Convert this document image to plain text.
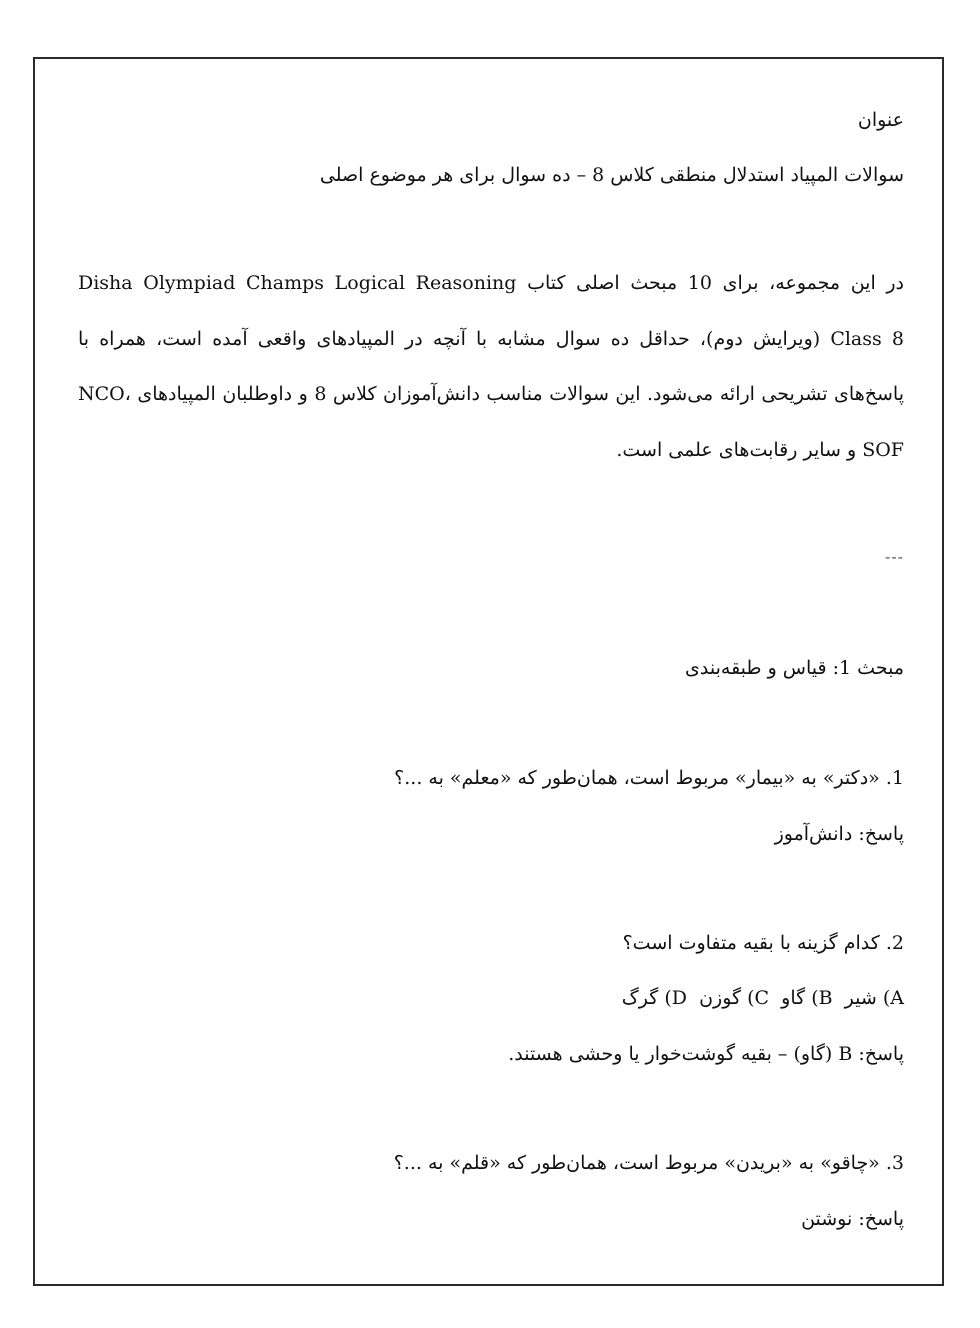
عنوان
سوالات المپیاد استدلال منطقی کلاس 8 – ده سوال برای هر موضوع اصلی
در این مجموعه، برای 10 مبحث اصلی کتاب Disha Olympiad Champs Logical Reasoning Class 8 (ویرایش دوم)، حداقل ده سوال مشابه با آنچه در المپیادهای واقعی آمده است، همراه با پاسخ‌های تشریحی ارائه می‌شود. این سوالات مناسب دانش‌آموزان کلاس 8 و داوطلبان المپیادهای NCO، SOF و سایر رقابت‌های علمی است.
---
مبحث 1: قیاس و طبقه‌بندی
1. «دکتر» به «بیمار» مربوط است، همان‌طور که «معلم» به ...؟
پاسخ: دانش‌آموز
2. کدام گزینه با بقیه متفاوت است؟
A) شیر  B) گاو  C) گوزن  D) گرگ
پاسخ: B (گاو) – بقیه گوشت‌خوار یا وحشی هستند.
3. «چاقو» به «بریدن» مربوط است، همان‌طور که «قلم» به ...؟
پاسخ: نوشتن
